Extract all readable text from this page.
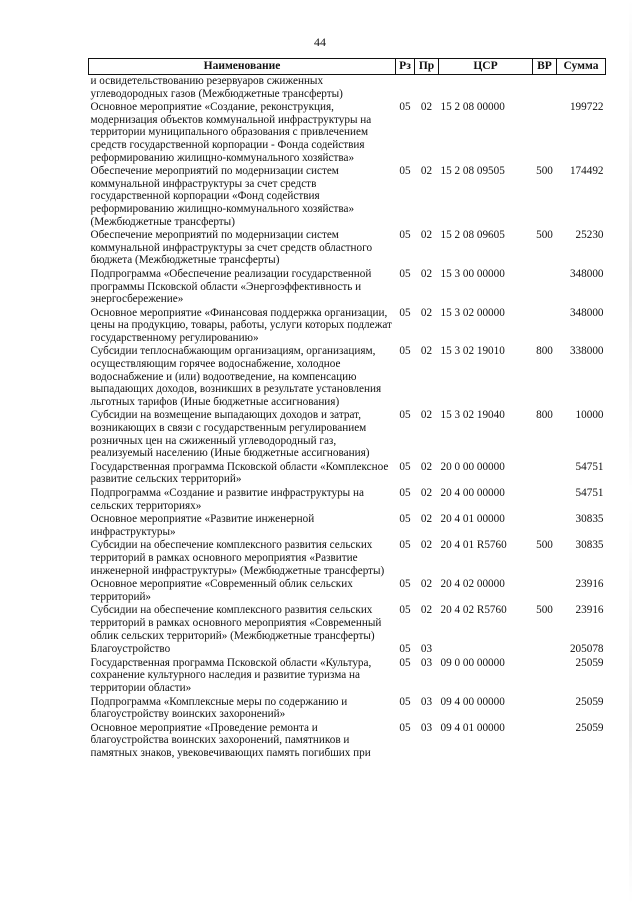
44
Наименование	Рз	Пр	ЦСР	ВР	Сумма
и освидетельствованию резервуаров сжиженных углеводородных газов (Межбюджетные трансферты)					
Основное мероприятие «Создание, реконструкция, модернизация объектов коммунальной инфраструктуры на территории муниципального образования с привлечением средств государственной корпорации - Фонда содействия реформированию жилищно-коммунального хозяйства»	05	02	15 2 08 00000		199722
Обеспечение мероприятий по модернизации систем коммунальной инфраструктуры за счет средств государственной корпорации «Фонд содействия реформированию жилищно-коммунального хозяйства» (Межбюджетные трансферты)	05	02	15 2 08 09505	500	174492
Обеспечение мероприятий по модернизации систем коммунальной инфраструктуры за счет средств областного бюджета (Межбюджетные трансферты)	05	02	15 2 08 09605	500	25230
Подпрограмма «Обеспечение реализации государственной программы Псковской области «Энергоэффективность и энергосбережение»	05	02	15 3 00 00000		348000
Основное мероприятие «Финансовая поддержка организации, цены на продукцию, товары, работы, услуги которых подлежат государственному регулированию»	05	02	15 3 02 00000		348000
Субсидии теплоснабжающим организациям, организациям, осуществляющим горячее водоснабжение, холодное водоснабжение и (или) водоотведение, на компенсацию выпадающих доходов, возникших в результате установления льготных тарифов (Иные бюджетные ассигнования)	05	02	15 3 02 19010	800	338000
Субсидии на возмещение выпадающих доходов и затрат, возникающих в связи с государственным регулированием розничных цен на сжиженный углеводородный газ, реализуемый населению (Иные бюджетные ассигнования)	05	02	15 3 02 19040	800	10000
Государственная программа Псковской области «Комплексное развитие сельских территорий»	05	02	20 0 00 00000		54751
Подпрограмма «Создание и развитие инфраструктуры на сельских территориях»	05	02	20 4 00 00000		54751
Основное мероприятие «Развитие инженерной инфраструктуры»	05	02	20 4 01 00000		30835
Субсидии на обеспечение комплексного развития сельских территорий в рамках основного мероприятия «Развитие инженерной инфраструктуры» (Межбюджетные трансферты)	05	02	20 4 01 R5760	500	30835
Основное мероприятие «Современный облик сельских территорий»	05	02	20 4 02 00000		23916
Субсидии на обеспечение комплексного развития сельских территорий в рамках основного мероприятия «Современный облик сельских территорий» (Межбюджетные трансферты)	05	02	20 4 02 R5760	500	23916
Благоустройство	05	03			205078
Государственная программа Псковской области «Культура, сохранение культурного наследия и развитие туризма на территории области»	05	03	09 0 00 00000		25059
Подпрограмма «Комплексные меры по содержанию и благоустройству воинских захоронений»	05	03	09 4 00 00000		25059
Основное мероприятие «Проведение ремонта и благоустройства воинских захоронений, памятников и памятных знаков, увековечивающих память погибших при	05	03	09 4 01 00000		25059
